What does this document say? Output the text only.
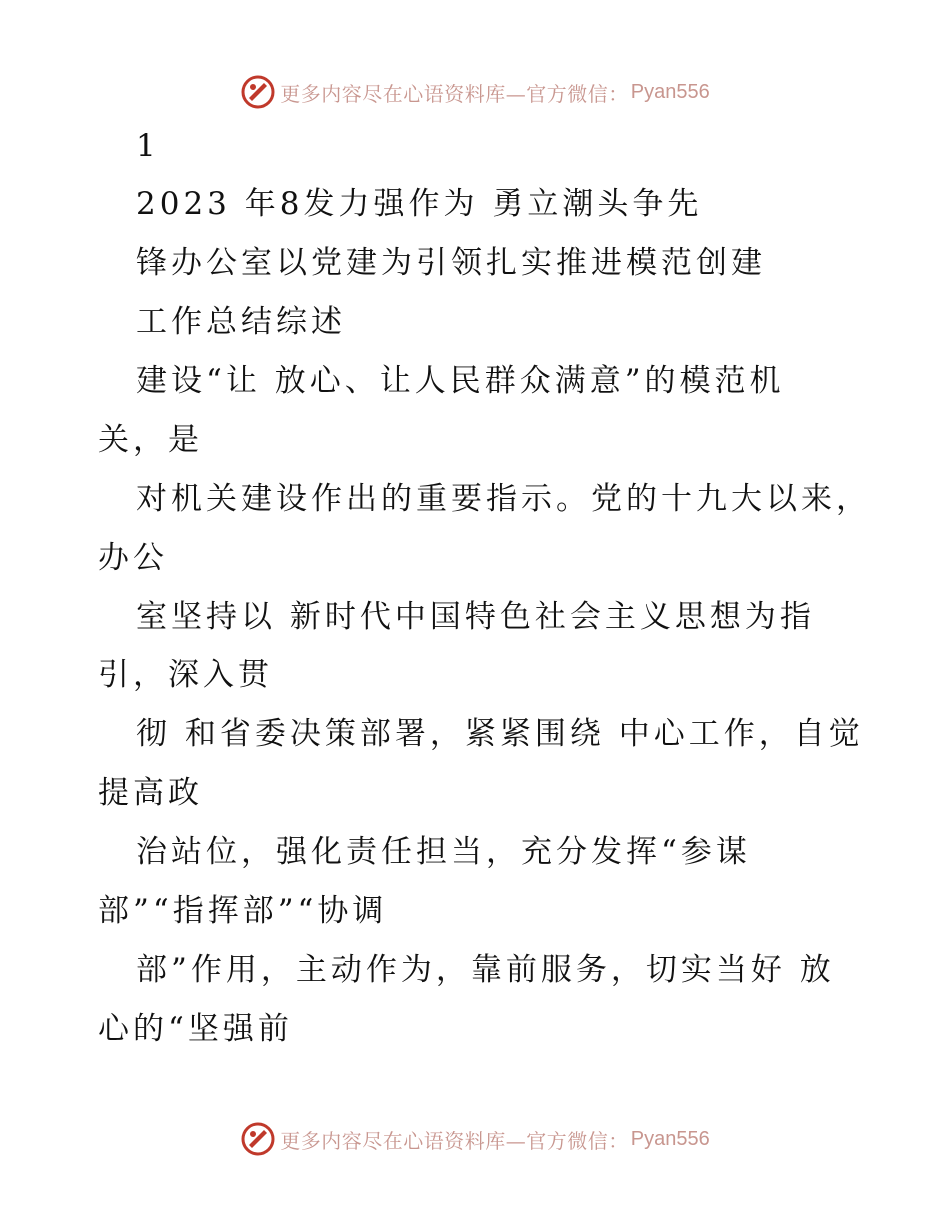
更多内容尽在心语资料库—官方微信： Pyan556
1
2023 年8发力强作为 勇立潮头争先
锋办公室以党建为引领扎实推进模范创建
工作总结综述
建设“让 放心、让人民群众满意”的模范机
关，是
对机关建设作出的重要指示。党的十九大以来，
办公
室坚持以 新时代中国特色社会主义思想为指
引，深入贯
彻 和省委决策部署，紧紧围绕 中心工作，自觉
提高政
治站位，强化责任担当，充分发挥“参谋
部”“指挥部”“协调
部”作用，主动作为，靠前服务，切实当好 放
心的“坚强前
更多内容尽在心语资料库—官方微信： Pyan556
